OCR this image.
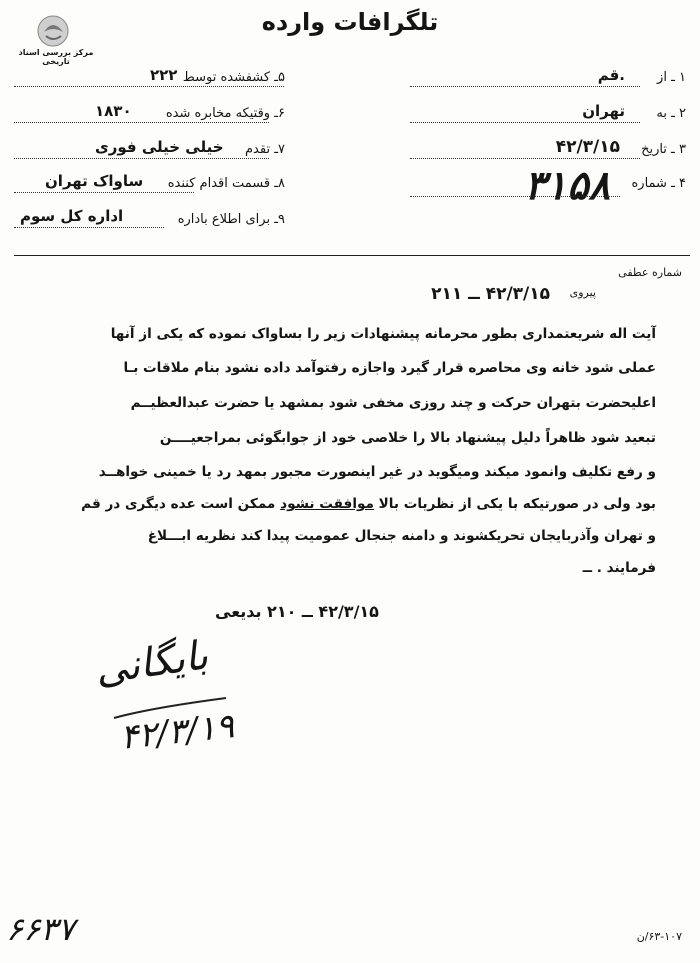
مرکز بررسی اسناد تاریخی
تلگرافات وارده
۱ ـ از
.قم
۲ ـ به
تهران
۳ ـ تاریخ
۴۲/۳/۱۵
۴ ـ شماره
۳۱۵۸
۵ـ کشفشده توسط
۲۲۲
۶ـ وقتیکه مخابره شده
۱۸۳۰
۷ـ تقدم
خیلی خیلی فوری
۸ـ قسمت اقدام کننده
ساواک تهران
۹ـ برای اطلاع باداره
اداره کل سوم
شماره عطفی
پیروی
۴۲/۳/۱۵ ــ ۲۱۱
آیت اله شریعتمداری بطور محرمانه پیشنهادات زیر را بساواک نموده که یکی از آنها
عملی شود خانه وی محاصره قرار گیرد واجازه رفتوآمد داده نشود بنام ملاقات بـا
اعلیحضرت بتهران حرکت و چند روزی مخفی شود بمشهد یا حضرت عبدالعظیــم
تبعید شود ظاهراً دلیل پیشنهاد بالا را خلاصی خود از جوابگوئی بمراجعیــــن
و رفع تکلیف وانمود میکند ومیگوید در غیر اینصورت مجبور بمهد رد یا خمینی خواهــد
بود ولی در صورتیکه با یکی از نظریات بالا موافقت نشود ممکن است عده دیگری در قم
و تهران وآذربایجان تحریکشوند و دامنه جنجال عمومیت پیدا کند نظریه ابـــلاغ
فرمایند . ــ
۴۲/۳/۱۵ ــ ۲۱۰ بدیعی
بایگانی
۴۲/۳/۱۹
۶۶۳۷	۶۳-۱۰۷/ن
